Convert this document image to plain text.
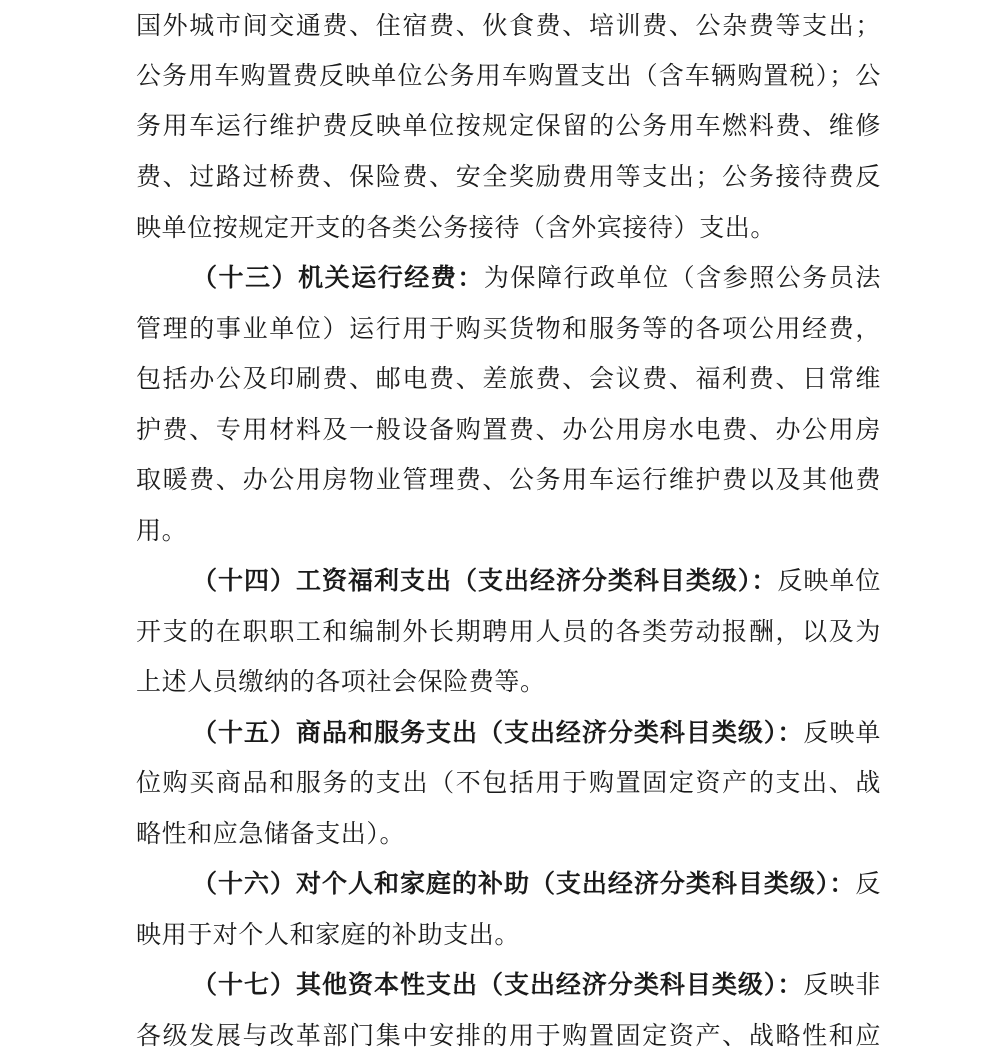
国外城市间交通费、住宿费、伙食费、培训费、公杂费等支出；
公务用车购置费反映单位公务用车购置支出（含车辆购置税）；公
务用车运行维护费反映单位按规定保留的公务用车燃料费、维修
费、过路过桥费、保险费、安全奖励费用等支出；公务接待费反
映单位按规定开支的各类公务接待（含外宾接待）支出。
（十三）机关运行经费：为保障行政单位（含参照公务员法
管理的事业单位）运行用于购买货物和服务等的各项公用经费，
包括办公及印刷费、邮电费、差旅费、会议费、福利费、日常维
护费、专用材料及一般设备购置费、办公用房水电费、办公用房
取暖费、办公用房物业管理费、公务用车运行维护费以及其他费
用。
（十四）工资福利支出（支出经济分类科目类级）：反映单位
开支的在职职工和编制外长期聘用人员的各类劳动报酬，以及为
上述人员缴纳的各项社会保险费等。
（十五）商品和服务支出（支出经济分类科目类级）：反映单
位购买商品和服务的支出（不包括用于购置固定资产的支出、战
略性和应急储备支出）。
（十六）对个人和家庭的补助（支出经济分类科目类级）：反
映用于对个人和家庭的补助支出。
（十七）其他资本性支出（支出经济分类科目类级）：反映非
各级发展与改革部门集中安排的用于购置固定资产、战略性和应
